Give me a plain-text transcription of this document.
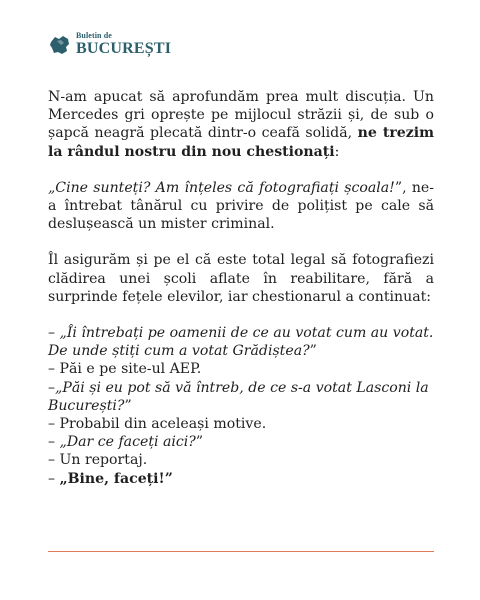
Buletin de
BUCUREȘTI

N-am apucat să aprofundăm prea mult discuția. Un Mercedes gri oprește pe mijlocul străzii și, de sub o șapcă neagră plecată dintr-o ceafă solidă, ne trezim la rândul nostru din nou chestionați:

„Cine sunteți? Am înțeles că fotografiați școala!”, ne-a întrebat tânărul cu privire de polițist pe cale să deslușească un mister criminal.

Îl asigurăm și pe el că este total legal să fotografiezi clădirea unei școli aflate în reabilitare, fără a surprinde fețele elevilor, iar chestionarul a continuat:

– „Îi întrebați pe oamenii de ce au votat cum au votat. De unde știți cum a votat Grădiștea?”

– Păi e pe site-ul AEP.

–„Păi și eu pot să vă întreb, de ce s-a votat Lasconi la București?”

– Probabil din aceleași motive.

– „Dar ce faceți aici?”

– Un reportaj.

– „Bine, faceți!”
